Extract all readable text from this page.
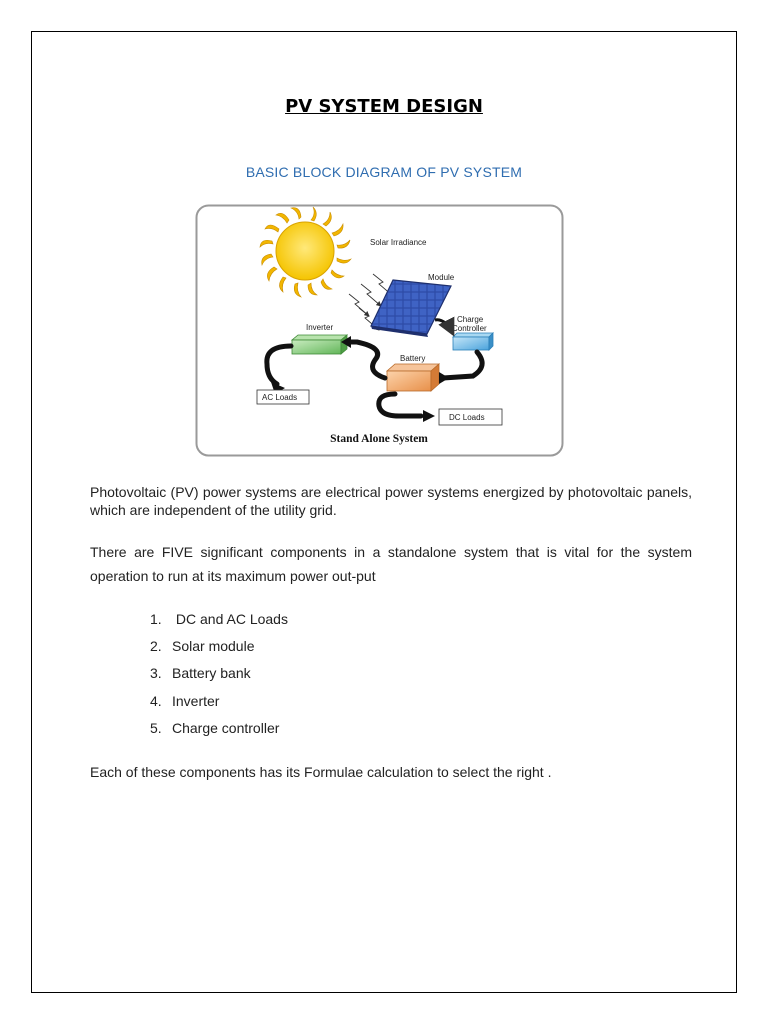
PV SYSTEM DESIGN
BASIC BLOCK DIAGRAM OF PV SYSTEM
Solar Irradiance
Module
Charge
Controller
Inverter
Battery
AC Loads
DC Loads
Stand Alone System

Photovoltaic (PV) power systems are electrical power systems energized by photovoltaic panels, which are independent of the utility grid.

There are FIVE significant components in a standalone system that is vital for the system operation to run at its maximum power out-put

1. DC and AC Loads
2. Solar module
3. Battery bank
4. Inverter
5. Charge controller

Each of these components has its Formulae calculation to select the right .
